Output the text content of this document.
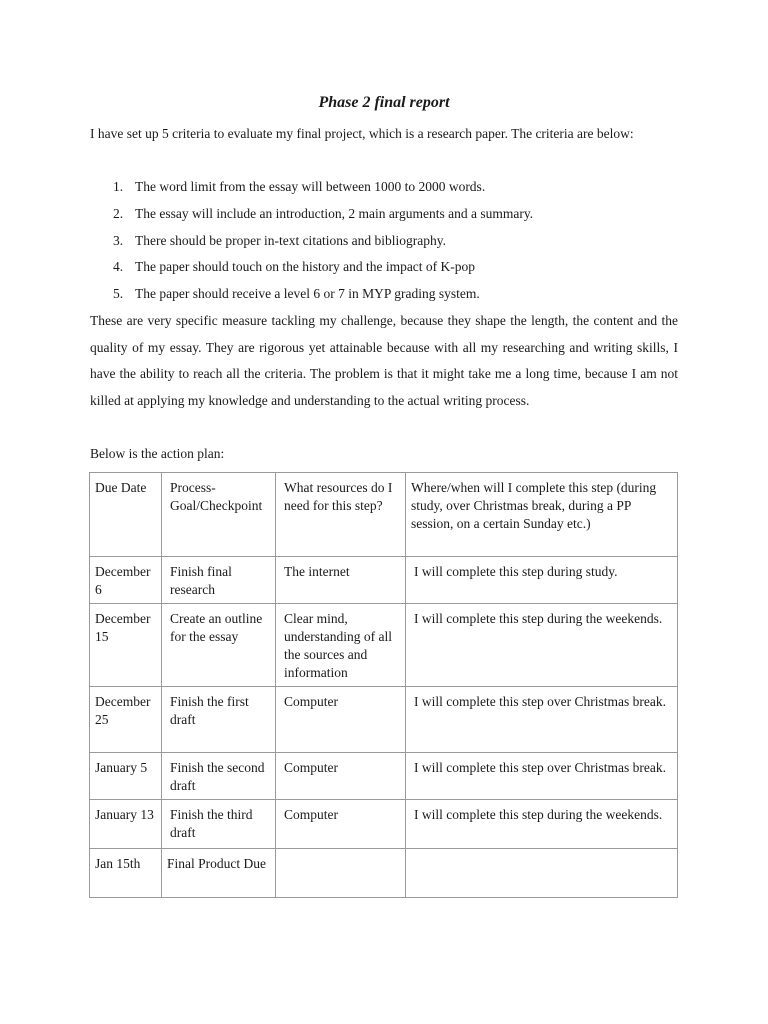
Phase 2 final report
I have set up 5 criteria to evaluate my final project, which is a research paper. The criteria are below:
1. The word limit from the essay will between 1000 to 2000 words.
2. The essay will include an introduction, 2 main arguments and a summary.
3. There should be proper in-text citations and bibliography.
4. The paper should touch on the history and the impact of K-pop
5. The paper should receive a level 6 or 7 in MYP grading system.
These are very specific measure tackling my challenge, because they shape the length, the content and the quality of my essay. They are rigorous yet attainable because with all my researching and writing skills, I have the ability to reach all the criteria. The problem is that it might take me a long time, because I am not killed at applying my knowledge and understanding to the actual writing process.
Below is the action plan:
Due Date	Process-Goal/Checkpoint	What resources do I need for this step?	Where/when will I complete this step (during study, over Christmas break, during a PP session, on a certain Sunday etc.)
December 6	Finish final research	The internet	I will complete this step during study.
December 15	Create an outline for the essay	Clear mind, understanding of all the sources and information	I will complete this step during the weekends.
December 25	Finish the first draft	Computer	I will complete this step over Christmas break.
January 5	Finish the second draft	Computer	I will complete this step over Christmas break.
January 13	Finish the third draft	Computer	I will complete this step during the weekends.
Jan 15th	Final Product Due		
